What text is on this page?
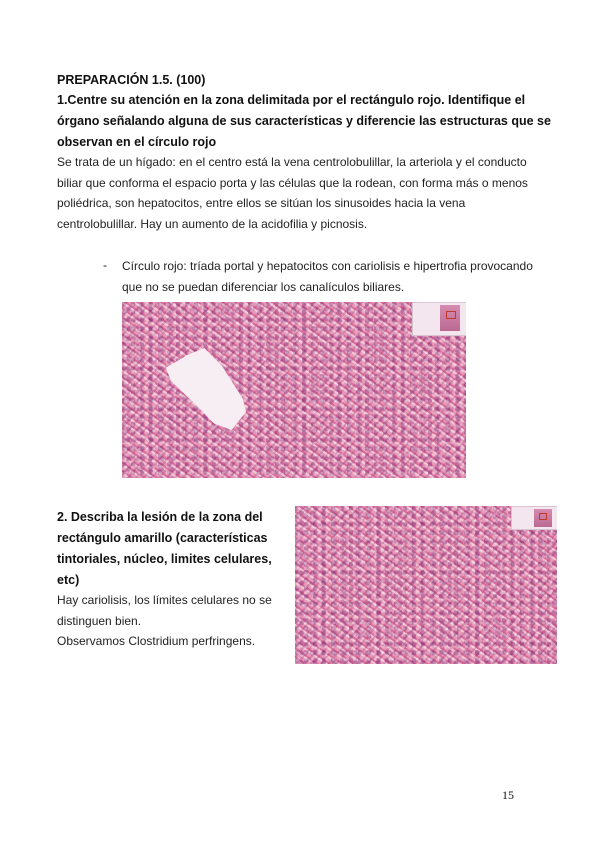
PREPARACIÓN 1.5. (100)
1.Centre su atención en la zona delimitada por el rectángulo rojo. Identifique el
órgano señalando alguna de sus características y diferencie las estructuras que se
observan en el círculo rojo
Se trata de un hígado: en el centro está la vena centrolobulillar, la arteriola y el conducto
biliar que conforma el espacio porta y las células que la rodean, con forma más o menos
poliédrica, son hepatocitos, entre ellos se sitúan los sinusoides hacia la vena
centrolobulillar. Hay un aumento de la acidofilia y picnosis.
- Círculo rojo: tríada portal y hepatocitos con cariolisis e hipertrofia provocando
que no se puedan diferenciar los canalículos biliares.
2. Describa la lesión de la zona del
rectángulo amarillo (características
tintoriales, núcleo, limites celulares,
etc)
Hay cariolisis, los límites celulares no se
distinguen bien.
Observamos Clostridium perfringens.
15
